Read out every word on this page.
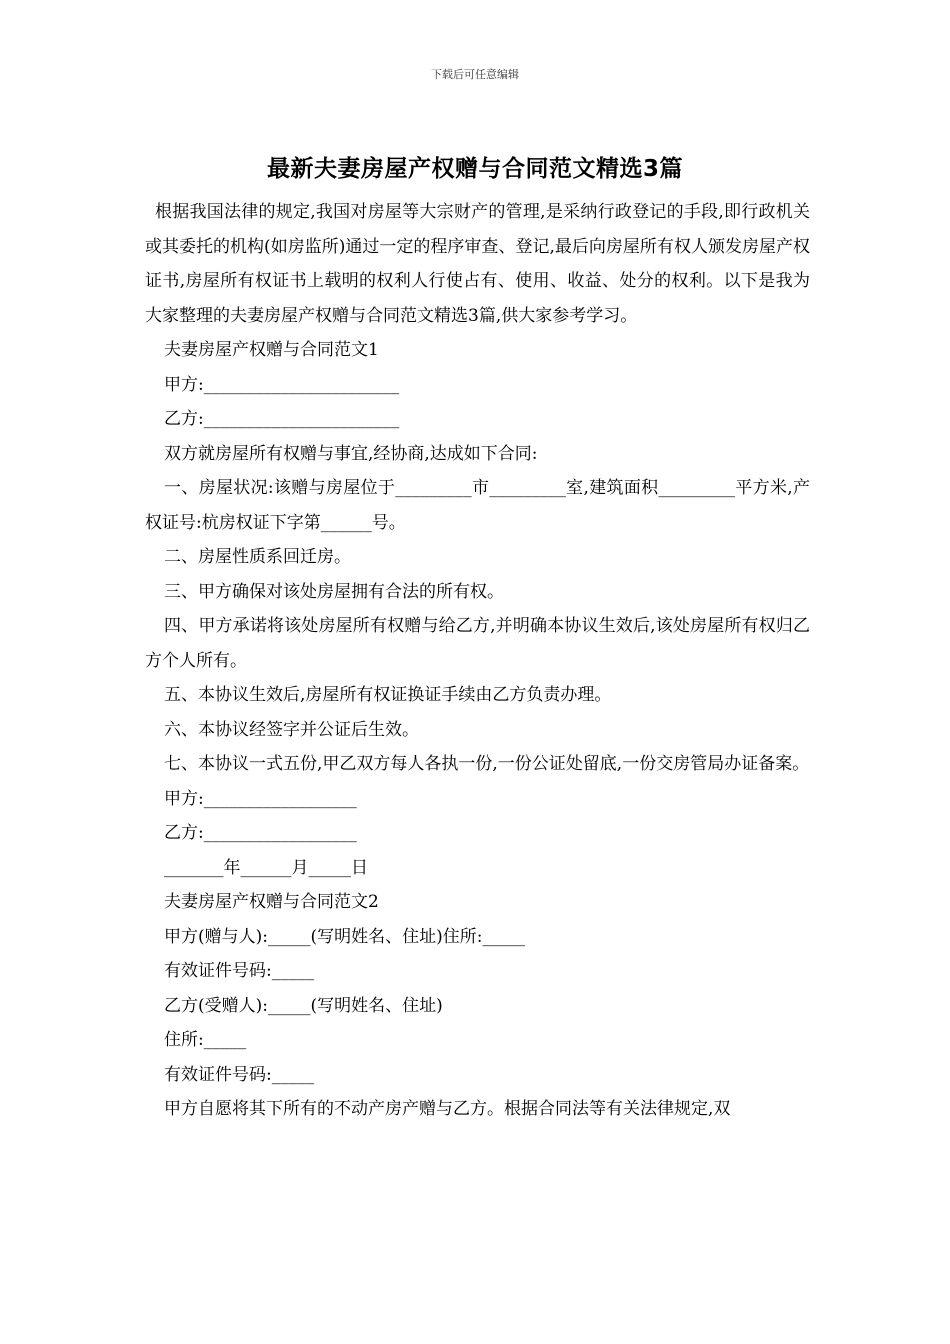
下载后可任意编辑
最新夫妻房屋产权赠与合同范文精选3篇

根据我国法律的规定,我国对房屋等大宗财产的管理,是采纳行政登记的手段,即行政机关或其委托的机构(如房监所)通过一定的程序审查、登记,最后向房屋所有权人颁发房屋产权证书,房屋所有权证书上载明的权利人行使占有、使用、收益、处分的权利。以下是我为大家整理的夫妻房屋产权赠与合同范文精选3篇,供大家参考学习。

夫妻房屋产权赠与合同范文1

甲方:_______________________

乙方:_______________________

双方就房屋所有权赠与事宜,经协商,达成如下合同:

一、房屋状况:该赠与房屋位于_________市_________室,建筑面积_________平方米,产权证号:杭房权证下字第______号。

二、房屋性质系回迁房。

三、甲方确保对该处房屋拥有合法的所有权。

四、甲方承诺将该处房屋所有权赠与给乙方,并明确本协议生效后,该处房屋所有权归乙方个人所有。

五、本协议生效后,房屋所有权证换证手续由乙方负责办理。

六、本协议经签字并公证后生效。

七、本协议一式五份,甲乙双方每人各执一份,一份公证处留底,一份交房管局办证备案。

甲方:__________________

乙方:__________________

_______年______月_____日

夫妻房屋产权赠与合同范文2

甲方(赠与人):_____(写明姓名、住址)住所:_____

有效证件号码:_____

乙方(受赠人):_____(写明姓名、住址)

住所:_____

有效证件号码:_____

甲方自愿将其下所有的不动产房产赠与乙方。根据合同法等有关法律规定,双
